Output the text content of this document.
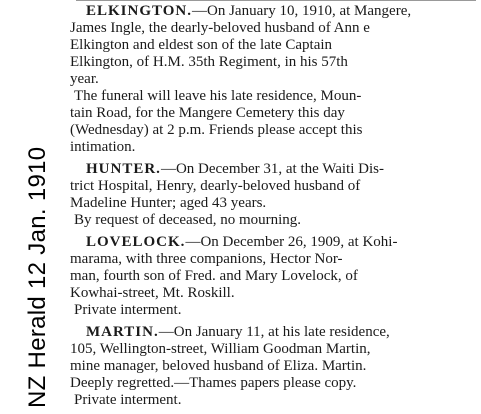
NZ Herald 12 Jan. 1910
ELKINGTON.—On January 10, 1910, at Mangere,
James Ingle, the dearly-beloved husband of Ann e
Elkington and eldest son of the late Captain
Elkington, of H.M. 35th Regiment, in his 57th
year.
The funeral will leave his late residence, Moun-
tain Road, for the Mangere Cemetery this day
(Wednesday) at 2 p.m. Friends please accept this
intimation.
HUNTER.—On December 31, at the Waiti Dis-
trict Hospital, Henry, dearly-beloved husband of
Madeline Hunter; aged 43 years.
By request of deceased, no mourning.
LOVELOCK.—On December 26, 1909, at Kohi-
marama, with three companions, Hector Nor-
man, fourth son of Fred. and Mary Lovelock, of
Kowhai-street, Mt. Roskill.
Private interment.
MARTIN.—On January 11, at his late residence,
105, Wellington-street, William Goodman Martin,
mine manager, beloved husband of Eliza. Martin.
Deeply regretted.—Thames papers please copy.
Private interment.
